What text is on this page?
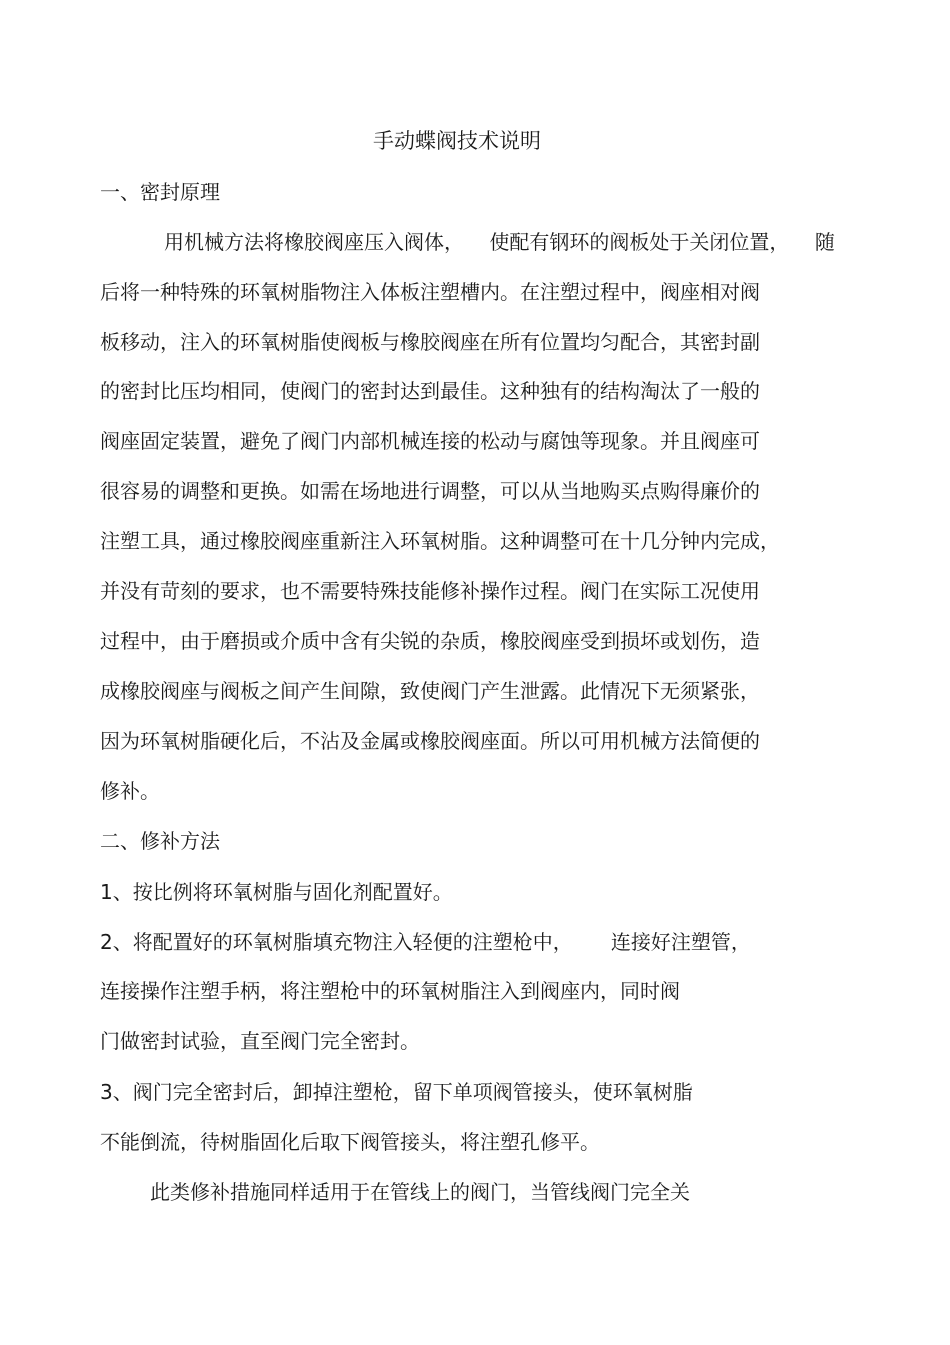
手动蝶阀技术说明
一、密封原理
用机械方法将橡胶阀座压入阀体，    使配有钢环的阀板处于关闭位置，    随
后将一种特殊的环氧树脂物注入体板注塑槽内。在注塑过程中，阀座相对阀
板移动，注入的环氧树脂使阀板与橡胶阀座在所有位置均匀配合，其密封副
的密封比压均相同，使阀门的密封达到最佳。这种独有的结构淘汰了一般的
阀座固定装置，避免了阀门内部机械连接的松动与腐蚀等现象。并且阀座可
很容易的调整和更换。如需在场地进行调整，可以从当地购买点购得廉价的
注塑工具，通过橡胶阀座重新注入环氧树脂。这种调整可在十几分钟内完成，
并没有苛刻的要求，也不需要特殊技能修补操作过程。阀门在实际工况使用
过程中，由于磨损或介质中含有尖锐的杂质，橡胶阀座受到损坏或划伤，造
成橡胶阀座与阀板之间产生间隙，致使阀门产生泄露。此情况下无须紧张，
因为环氧树脂硬化后，不沾及金属或橡胶阀座面。所以可用机械方法简便的
修补。
二、修补方法
1、按比例将环氧树脂与固化剂配置好。
2、将配置好的环氧树脂填充物注入轻便的注塑枪中，      连接好注塑管，
连接操作注塑手柄，将注塑枪中的环氧树脂注入到阀座内，同时阀
门做密封试验，直至阀门完全密封。
3、阀门完全密封后，卸掉注塑枪，留下单项阀管接头，使环氧树脂
不能倒流，待树脂固化后取下阀管接头，将注塑孔修平。
此类修补措施同样适用于在管线上的阀门，当管线阀门完全关
